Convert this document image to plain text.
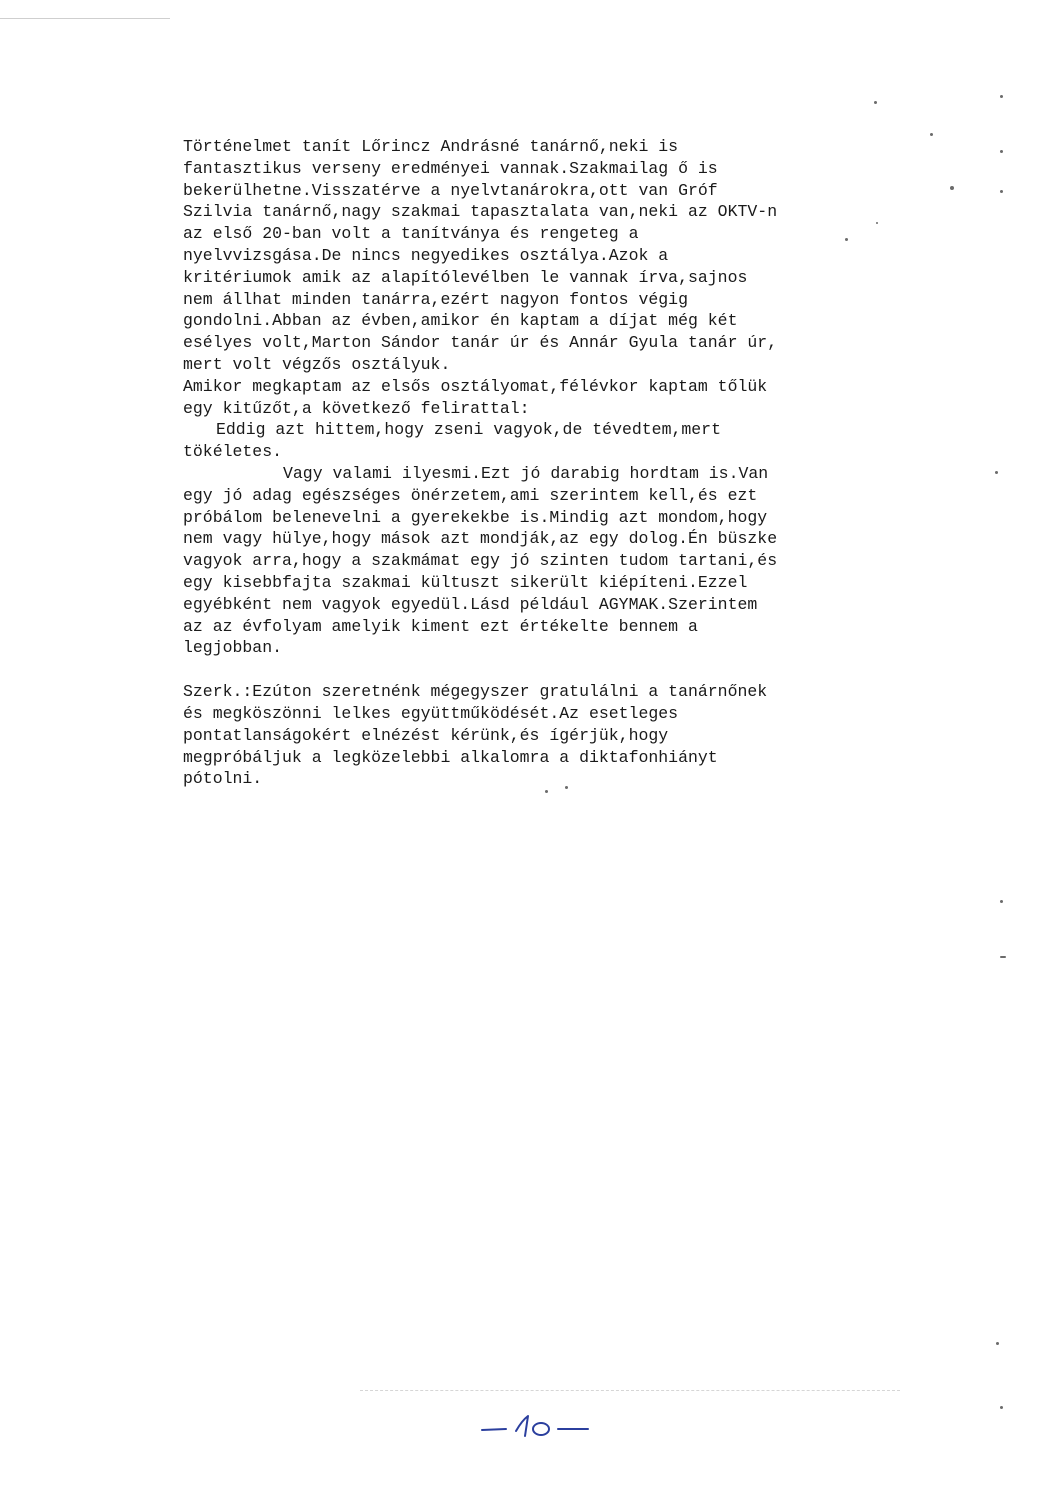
Történelmet tanít Lőrincz Andrásné tanárnő,neki is
fantasztikus verseny eredményei vannak.Szakmailag ő is
bekerülhetne.Visszatérve a nyelvtanárokra,ott van Gróf
Szilvia tanárnő,nagy szakmai tapasztalata van,neki az OKTV-n
az első 20-ban volt a tanítványa és rengeteg a
nyelvvizsgása.De nincs negyedikes osztálya.Azok a
kritériumok amik az alapítólevélben le vannak írva,sajnos
nem állhat minden tanárra,ezért nagyon fontos végig
gondolni.Abban az évben,amikor én kaptam a díjat még két
esélyes volt,Marton Sándor tanár úr és Annár Gyula tanár úr,
mert volt végzős osztályuk.
Amikor megkaptam az elsős osztályomat,félévkor kaptam tőlük
egy kitűzőt,a következő felirattal:
Eddig azt hittem,hogy zseni vagyok,de tévedtem,mert
tökéletes.
Vagy valami ilyesmi.Ezt jó darabig hordtam is.Van
egy jó adag egészséges önérzetem,ami szerintem kell,és ezt
próbálom belenevelni a gyerekekbe is.Mindig azt mondom,hogy
nem vagy hülye,hogy mások azt mondják,az egy dolog.Én büszke
vagyok arra,hogy a szakmámat egy jó szinten tudom tartani,és
egy kisebbfajta szakmai kültuszt sikerült kiépíteni.Ezzel
egyébként nem vagyok egyedül.Lásd például AGYMAK.Szerintem
az az évfolyam amelyik kiment ezt értékelte bennem a
legjobban.
Szerk.:Ezúton szeretnénk mégegyszer gratulálni a tanárnőnek
és megköszönni lelkes együttműködését.Az esetleges
pontatlanságokért elnézést kérünk,és ígérjük,hogy
megpróbáljuk a legközelebbi alkalomra a diktafonhiányt
pótolni.
